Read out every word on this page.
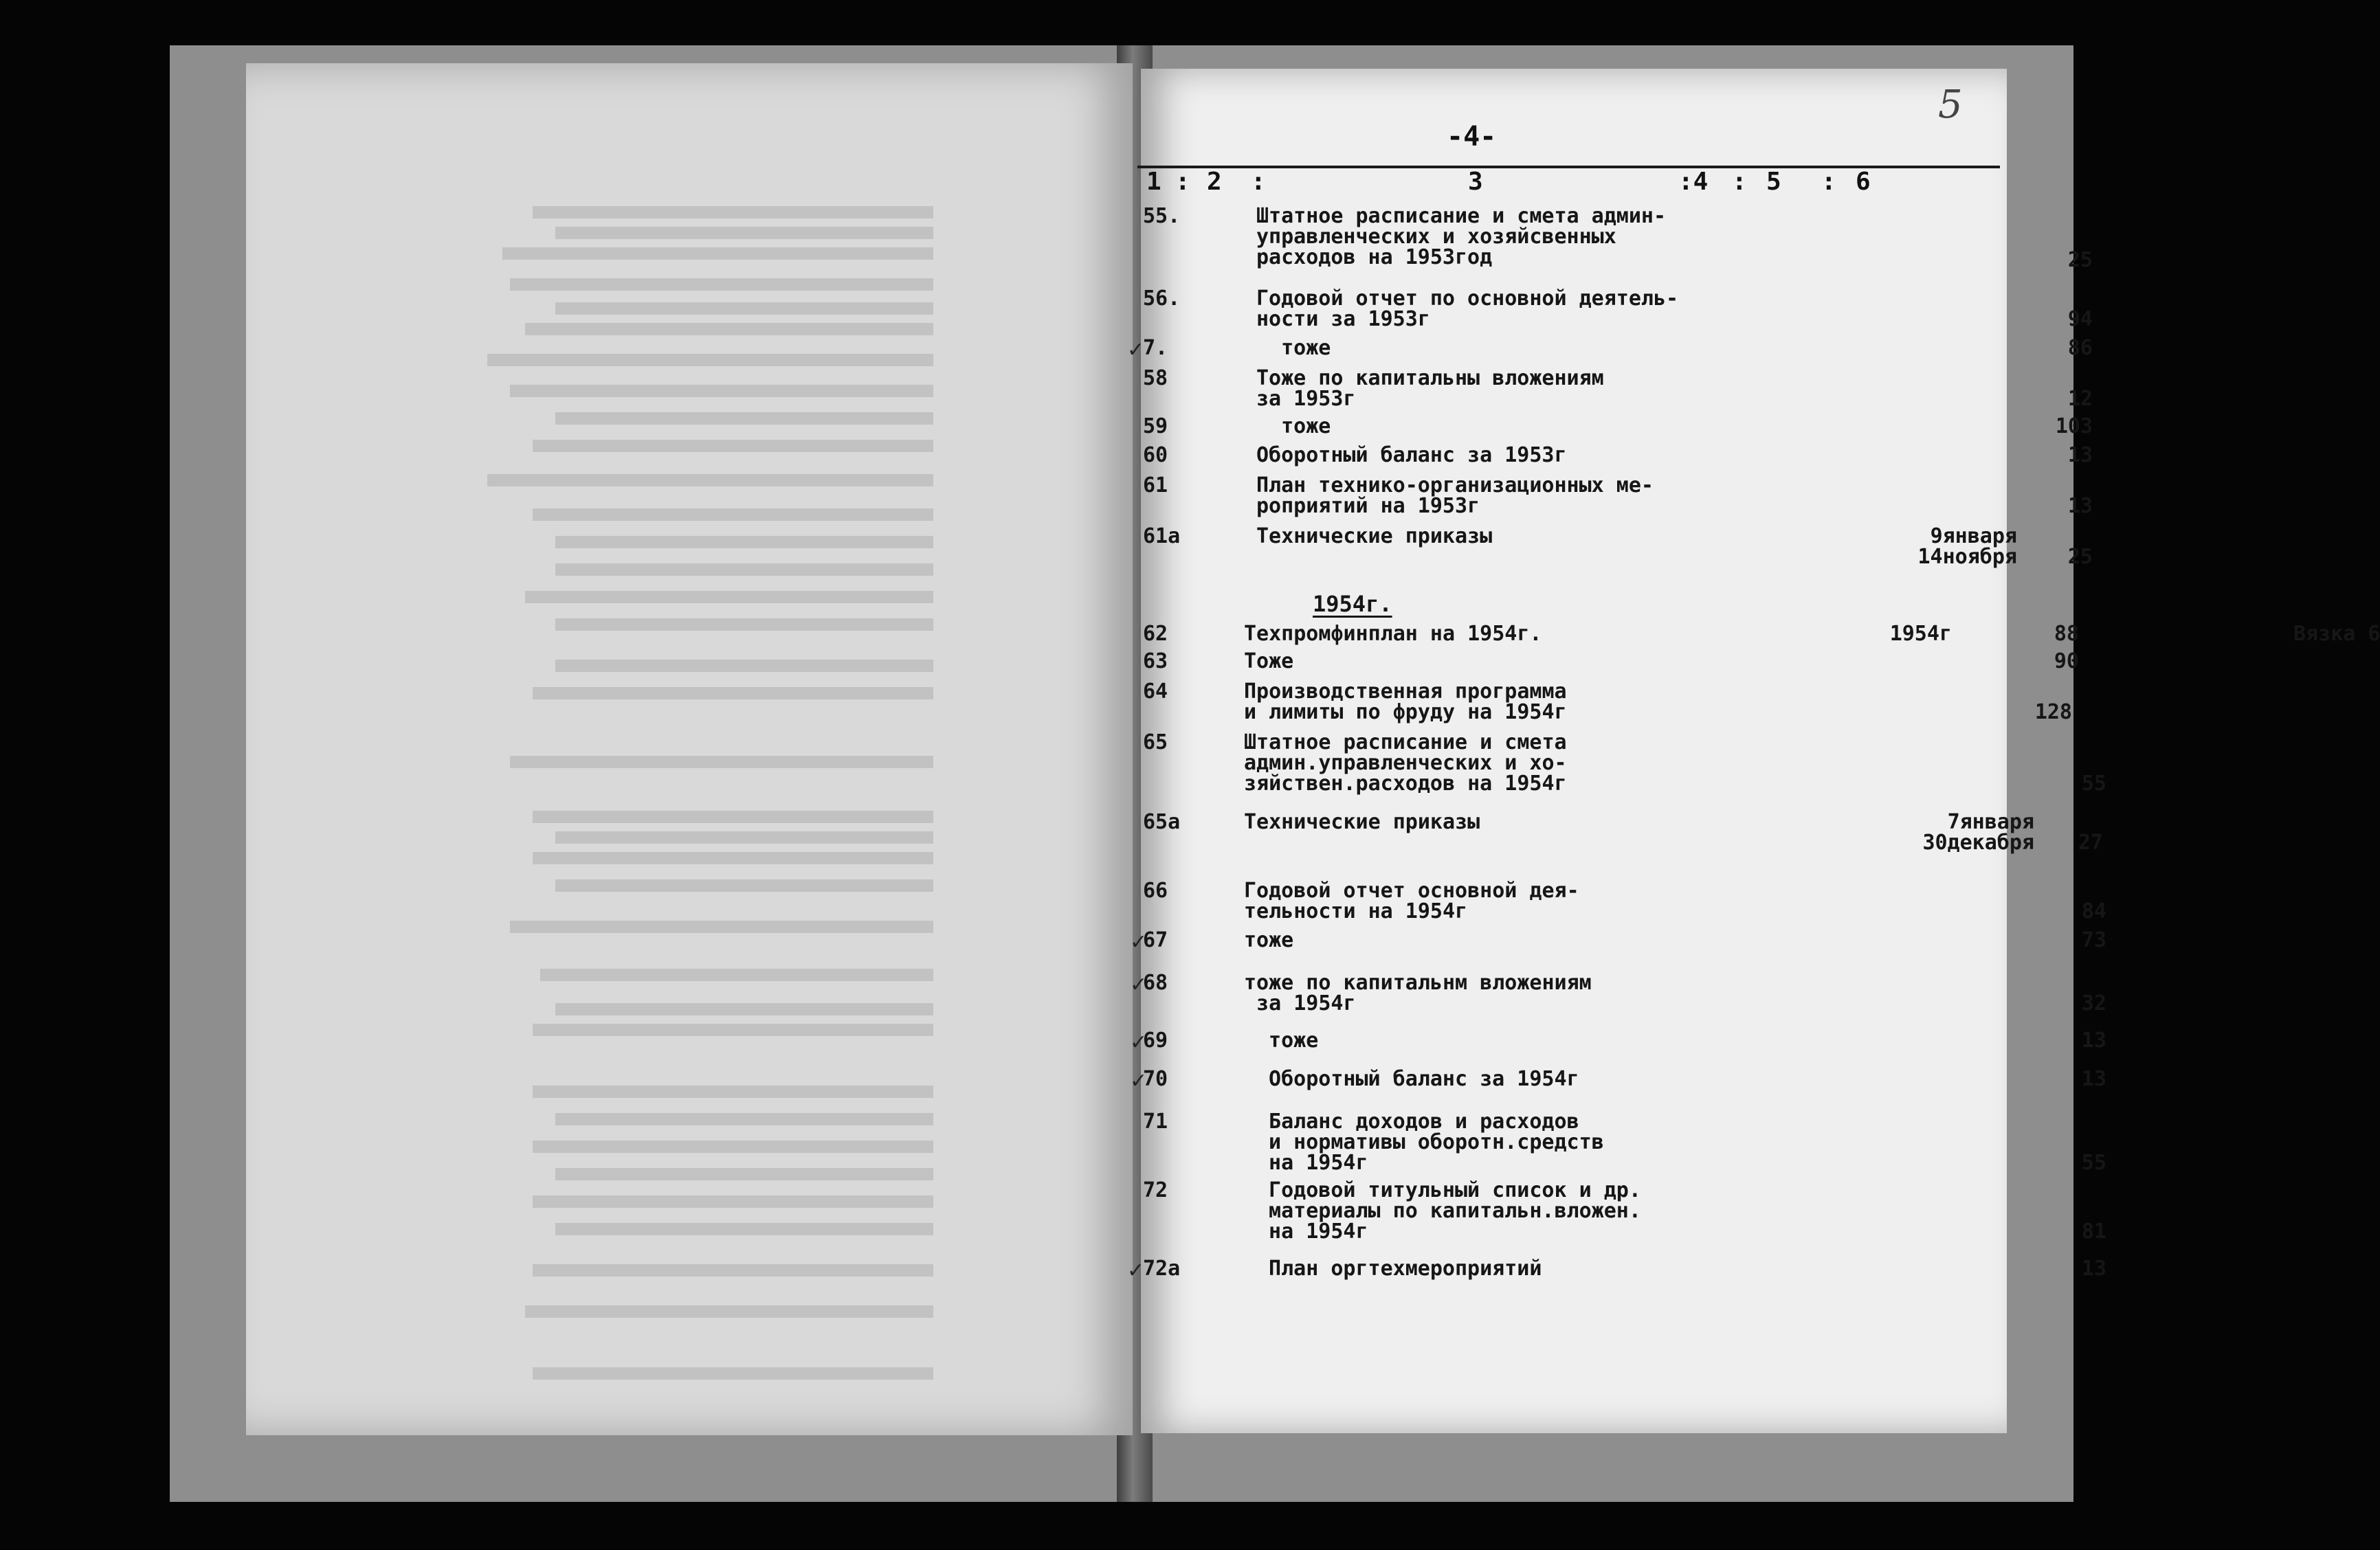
5
-4-
1 : 2 :	3	:4 : 5 : 6
1954г.
55.	Штатное расписание и смета админ-
управленческих и хозяйсвенных
расходов на 1953год	25
56.	Годовой отчет по основной деятель-
ности за 1953г	94
7.	тоже	86
58	Тоже по капитальны вложениям
за 1953г	12
59	тоже	103
60	Оборотный баланс за 1953г	13
61	План технико-организационных ме-
роприятий на 1953г	13
61а	Технические приказы	9января
14ноября	25
62	Техпромфинплан на 1954г.	1954г	88	Вязка 6
63	Тоже	90
64	Производственная программа
и лимиты по фруду на 1954г	128
65	Штатное расписание и смета
админ.управленческих и хо-
зяйствен.расходов на 1954г	55
65а	Технические приказы	7января
30декабря	27
66	Годовой отчет основной дея-
тельности на 1954г	84
67	тоже	73
68	тоже по капитальнм вложениям
за 1954г	32
69	тоже	13
70	Оборотный баланс за 1954г	13
71	Баланс доходов и расходов
и нормативы оборотн.средств
на 1954г	55
72	Годовой титульный список и др.
материалы по капитальн.вложен.
на 1954г	81
72а	План оргтехмероприятий	13
✓
✓
✓
✓
✓
✓
